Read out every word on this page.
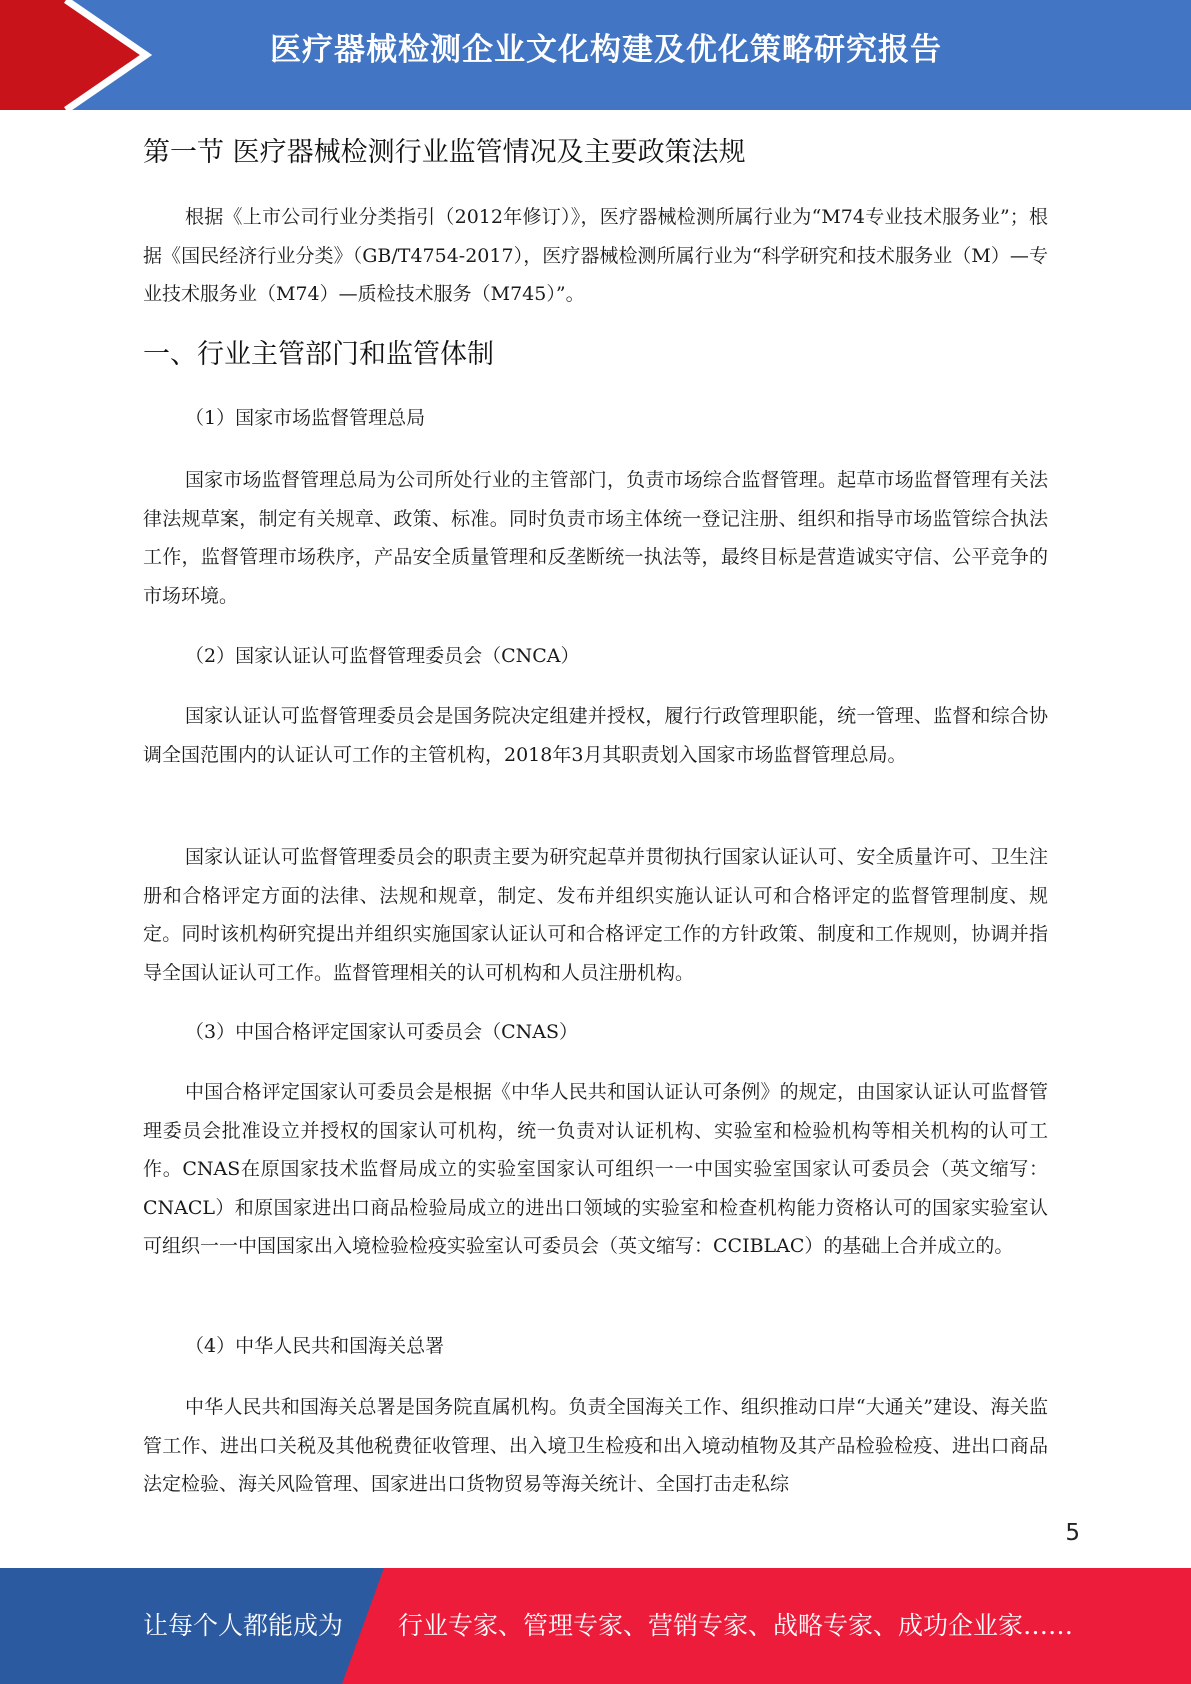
医疗器械检测企业文化构建及优化策略研究报告
第一节 医疗器械检测行业监管情况及主要政策法规

根据《上市公司行业分类指引（2012年修订）》，医疗器械检测所属行业为“M74专业技术服务业”；根据《国民经济行业分类》（GB/T4754-2017），医疗器械检测所属行业为“科学研究和技术服务业（M）—专业技术服务业（M74）—质检技术服务（M745）”。

一、行业主管部门和监管体制

（1）国家市场监督管理总局

国家市场监督管理总局为公司所处行业的主管部门，负责市场综合监督管理。起草市场监督管理有关法律法规草案，制定有关规章、政策、标准。同时负责市场主体统一登记注册、组织和指导市场监管综合执法工作，监督管理市场秩序，产品安全质量管理和反垄断统一执法等，最终目标是营造诚实守信、公平竞争的市场环境。

（2）国家认证认可监督管理委员会（CNCA）

国家认证认可监督管理委员会是国务院决定组建并授权，履行行政管理职能，统一管理、监督和综合协调全国范围内的认证认可工作的主管机构，2018年3月其职责划入国家市场监督管理总局。

国家认证认可监督管理委员会的职责主要为研究起草并贯彻执行国家认证认可、安全质量许可、卫生注册和合格评定方面的法律、法规和规章，制定、发布并组织实施认证认可和合格评定的监督管理制度、规定。同时该机构研究提出并组织实施国家认证认可和合格评定工作的方针政策、制度和工作规则，协调并指导全国认证认可工作。监督管理相关的认可机构和人员注册机构。

（3）中国合格评定国家认可委员会（CNAS）

中国合格评定国家认可委员会是根据《中华人民共和国认证认可条例》的规定，由国家认证认可监督管理委员会批准设立并授权的国家认可机构，统一负责对认证机构、实验室和检验机构等相关机构的认可工作。CNAS在原国家技术监督局成立的实验室国家认可组织一一中国实验室国家认可委员会（英文缩写：CNACL）和原国家进出口商品检验局成立的进出口领域的实验室和检查机构能力资格认可的国家实验室认可组织一一中国国家出入境检验检疫实验室认可委员会（英文缩写：CCIBLAC）的基础上合并成立的。

（4）中华人民共和国海关总署

中华人民共和国海关总署是国务院直属机构。负责全国海关工作、组织推动口岸“大通关”建设、海关监管工作、进出口关税及其他税费征收管理、出入境卫生检疫和出入境动植物及其产品检验检疫、进出口商品法定检验、海关风险管理、国家进出口货物贸易等海关统计、全国打击走私综

5
让每个人都能成为 行业专家、管理专家、营销专家、战略专家、成功企业家……
